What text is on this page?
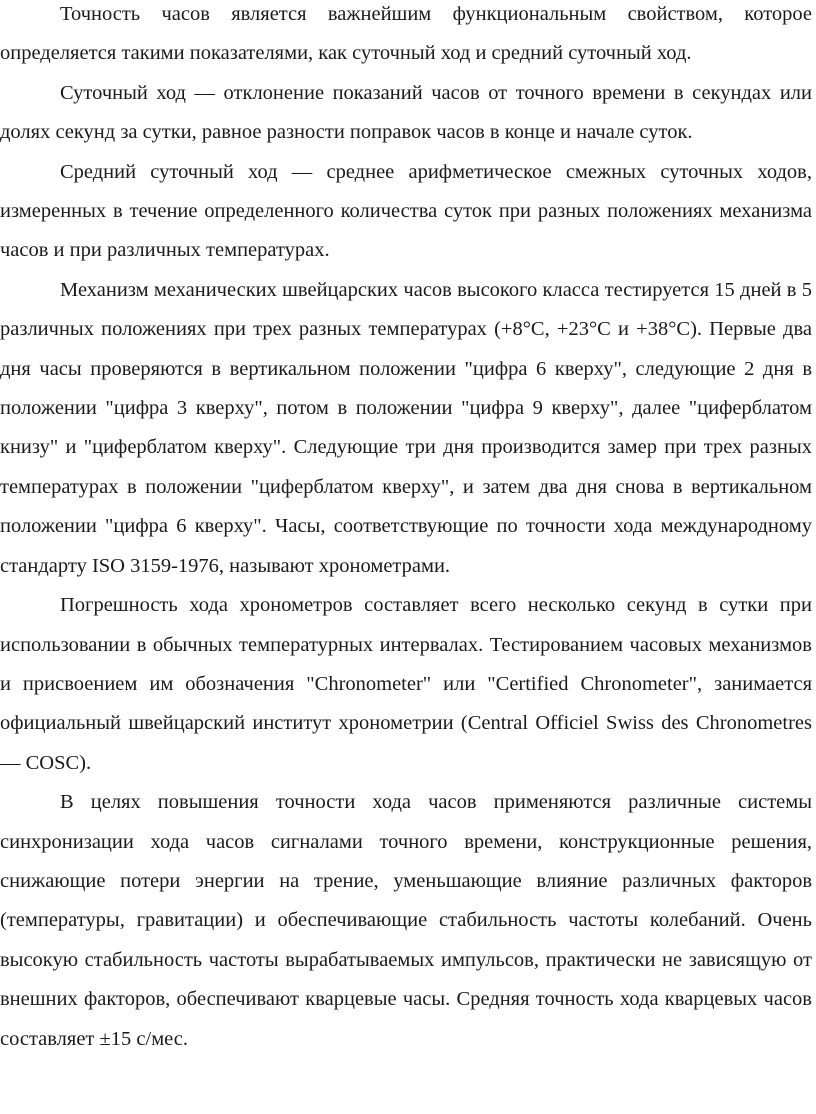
Точность часов является важнейшим функциональным свойством, которое определяется такими показателями, как суточный ход и средний суточный ход.

Суточный ход — отклонение показаний часов от точного времени в секундах или долях секунд за сутки, равное разности поправок часов в конце и начале суток.

Средний суточный ход — среднее арифметическое смежных суточных ходов, измеренных в течение определенного количества суток при разных положениях механизма часов и при различных температурах.

Механизм механических швейцарских часов высокого класса тестируется 15 дней в 5 различных положениях при трех разных температурах (+8°С, +23°С и +38°С). Первые два дня часы проверяются в вертикальном положении "цифра 6 кверху", следующие 2 дня в положении "цифра 3 кверху", потом в положении "цифра 9 кверху", далее "циферблатом книзу" и "циферблатом кверху". Следующие три дня производится замер при трех разных температурах в положении "циферблатом кверху", и затем два дня снова в вертикальном положении "цифра 6 кверху". Часы, соответствующие по точности хода международному стандарту ISO 3159-1976, называют хронометрами.

Погрешность хода хронометров составляет всего несколько секунд в сутки при использовании в обычных температурных интервалах. Тестированием часовых механизмов и присвоением им обозначения "Chronometer" или "Certified Chronometer", занимается официальный швейцарский институт хронометрии (Central Officiel Swiss des Chronometres — COSC).

В целях повышения точности хода часов применяются различные системы синхронизации хода часов сигналами точного времени, конструкционные решения, снижающие потери энергии на трение, уменьшающие влияние различных факторов (температуры, гравитации) и обеспечивающие стабильность частоты колебаний. Очень высокую стабильность частоты вырабатываемых импульсов, практически не зависящую от внешних факторов, обеспечивают кварцевые часы. Средняя точность хода кварцевых часов составляет ±15 с/мес.
